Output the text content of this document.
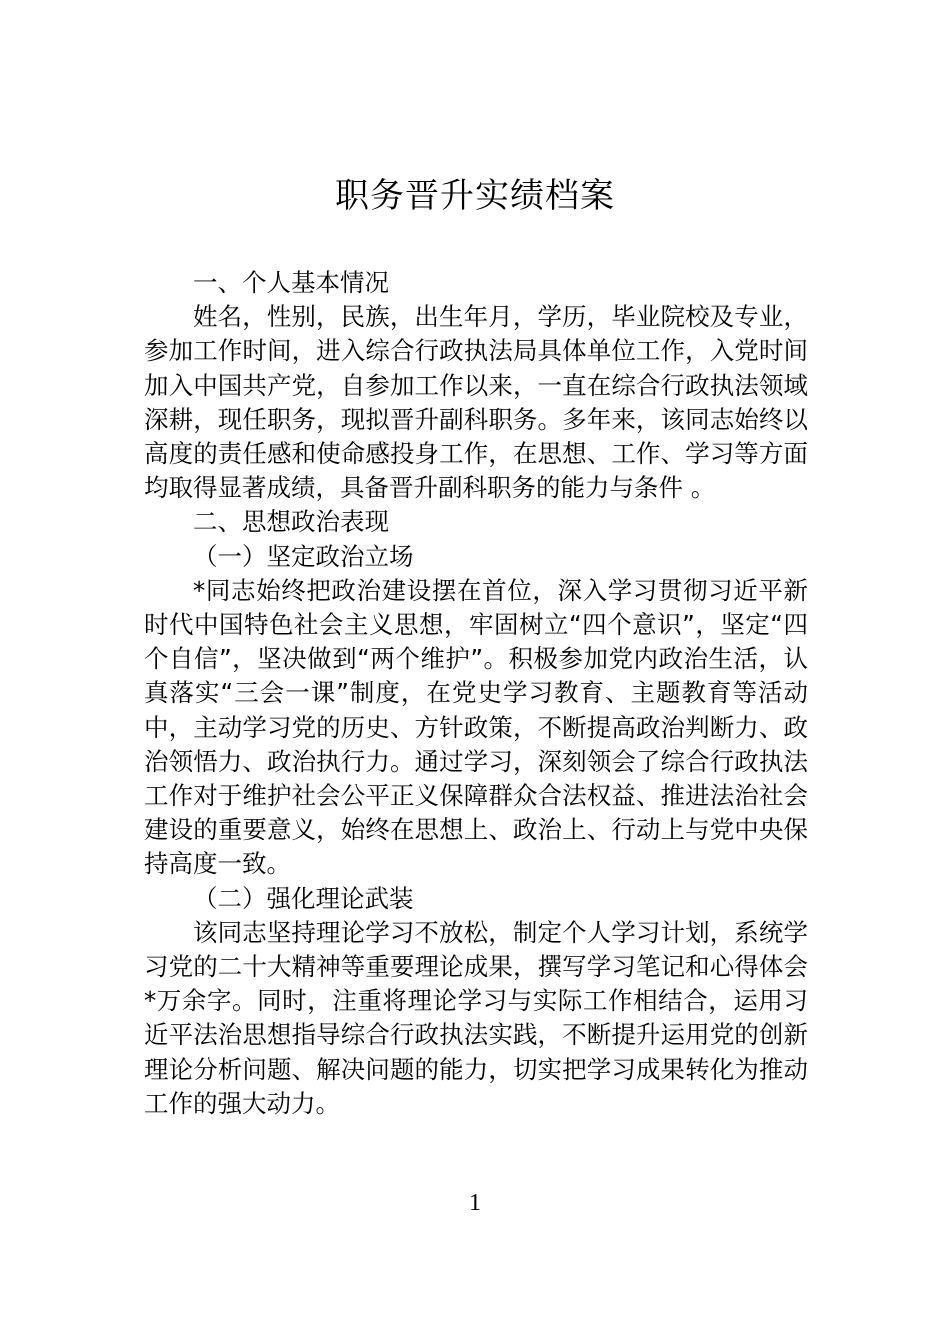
职务晋升实绩档案

一、个人基本情况

姓名，性别，民族，出生年月，学历，毕业院校及专业，参加工作时间，进入综合行政执法局具体单位工作，入党时间加入中国共产党，自参加工作以来，一直在综合行政执法领域深耕，现任职务，现拟晋升副科职务。多年来，该同志始终以高度的责任感和使命感投身工作，在思想、工作、学习等方面均取得显著成绩，具备晋升副科职务的能力与条件 。

二、思想政治表现

（一）坚定政治立场

*同志始终把政治建设摆在首位，深入学习贯彻习近平新时代中国特色社会主义思想，牢固树立“四个意识”，坚定“四个自信”，坚决做到“两个维护”。积极参加党内政治生活，认真落实“三会一课”制度，在党史学习教育、主题教育等活动中，主动学习党的历史、方针政策，不断提高政治判断力、政治领悟力、政治执行力。通过学习，深刻领会了综合行政执法工作对于维护社会公平正义保障群众合法权益、推进法治社会建设的重要意义，始终在思想上、政治上、行动上与党中央保持高度一致。

（二）强化理论武装

该同志坚持理论学习不放松，制定个人学习计划，系统学习党的二十大精神等重要理论成果，撰写学习笔记和心得体会*万余字。同时，注重将理论学习与实际工作相结合，运用习近平法治思想指导综合行政执法实践，不断提升运用党的创新理论分析问题、解决问题的能力，切实把学习成果转化为推动工作的强大动力。

1
